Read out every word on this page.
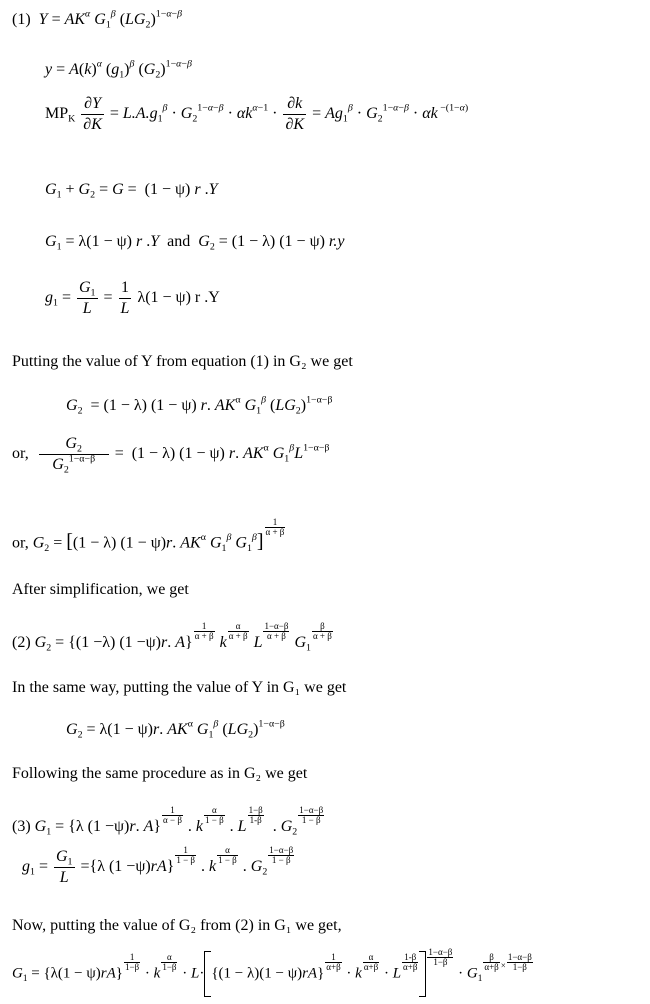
(1) $Y = AK^\alpha$ $G_1^\beta$ $(LG_2)^{1-\alpha-\beta}$
$y = A(k)^\alpha$ $(g_1)^\beta$ $(G_2)^{1-\alpha-\beta}$
$MP_K \frac{\partial Y}{\partial K} = L.A.g_1^\beta \cdot G_2^{1-\alpha-\beta} \cdot \alpha k^{\alpha-1} \cdot \frac{\partial k}{\partial K} = Ag_1^\beta \cdot G_2^{1-\alpha-\beta} \cdot \alpha k$ $^{-(1-\alpha)}$
$G_1 + G_2 = G = (1 - \psi)$ r .Y
$G_1 = \lambda(1 - \psi)$ r .Y  and  $G_2 = (1 - \lambda) (1 - \psi)$ r.y
$g_1 = \frac{G_1}{L} = \frac{1}{L} \lambda(1 - \psi)$ r .Y
Putting the value of Y from equation (1) in G₂ we get
$G_2 = (1 - \lambda) (1 - \psi)$ r. $AK^\alpha$ $G_1^\beta$ $(LG_2)^{1-\alpha-\beta}$
or, $\frac{G_2}{G_2^{1-\alpha-\beta}} = (1 - \lambda) (1 - \psi)$ r. $AK^\alpha$ $G_1^\beta L^{1-\alpha-\beta}$
or, $G_2 = [(1 - \lambda) (1 - \psi)r$. $AK^\alpha$ $G_1^\beta$ $G_1^\beta$]
$\frac{1}{\alpha + \beta}$
After simplification, we get
(2) $G_2 = \{(1 -\lambda)$ (1 −ψ)r. A}
$\frac{1}{\alpha + \beta}$
k
$\frac{\alpha}{\alpha + \beta}$
L
$\frac{1-\alpha-\beta}{\alpha + \beta}$
$G_1$
$\frac{\beta}{\alpha + \beta}$
In the same way, putting the value of Y in G₁ we get
$G_2 = \lambda(1 - \psi)r$. $AK^\alpha$ $G_1^\beta$ $(LG_2)^{1-\alpha-\beta}$
Following the same procedure as in G₂ we get
(3) $G_1 = \{\lambda$ (1 −ψ)r. A}
$\frac{1}{\alpha - \beta}$
. k
$\frac{\alpha}{1 - \beta}$
. L
$\frac{1-\beta}{1-\beta}$
. $G_2$
$\frac{1-\alpha-\beta}{1 - \beta}$
$g_1 = \frac{G_1}{L} =\{\lambda$ (1 −ψ)rA}
$\frac{1}{1 - \beta}$
. k
$\frac{\alpha}{1 - \beta}$
. $G_2$
$\frac{1-\alpha-\beta}{1 - \beta}$
Now, putting the value of G₂ from (2) in G₁ we get,
$G_1 = \{\lambda(1 - \psi)rA\}$
$\frac{1}{1-\beta}$
· k
$\frac{\alpha}{1-\beta}$
· L· {(1 − λ)(1 − ψ)rA}
$\frac{1}{\alpha+\beta}$
· k
$\frac{\alpha}{\alpha+\beta}$
· L
$\frac{1-\beta}{\alpha+\beta} \frac{1-\alpha-\beta}{1-\beta}$
· $G_1$
$\frac{\beta}{\alpha+\beta} ^\times \frac{1-\alpha-\beta}{1-\beta}$
